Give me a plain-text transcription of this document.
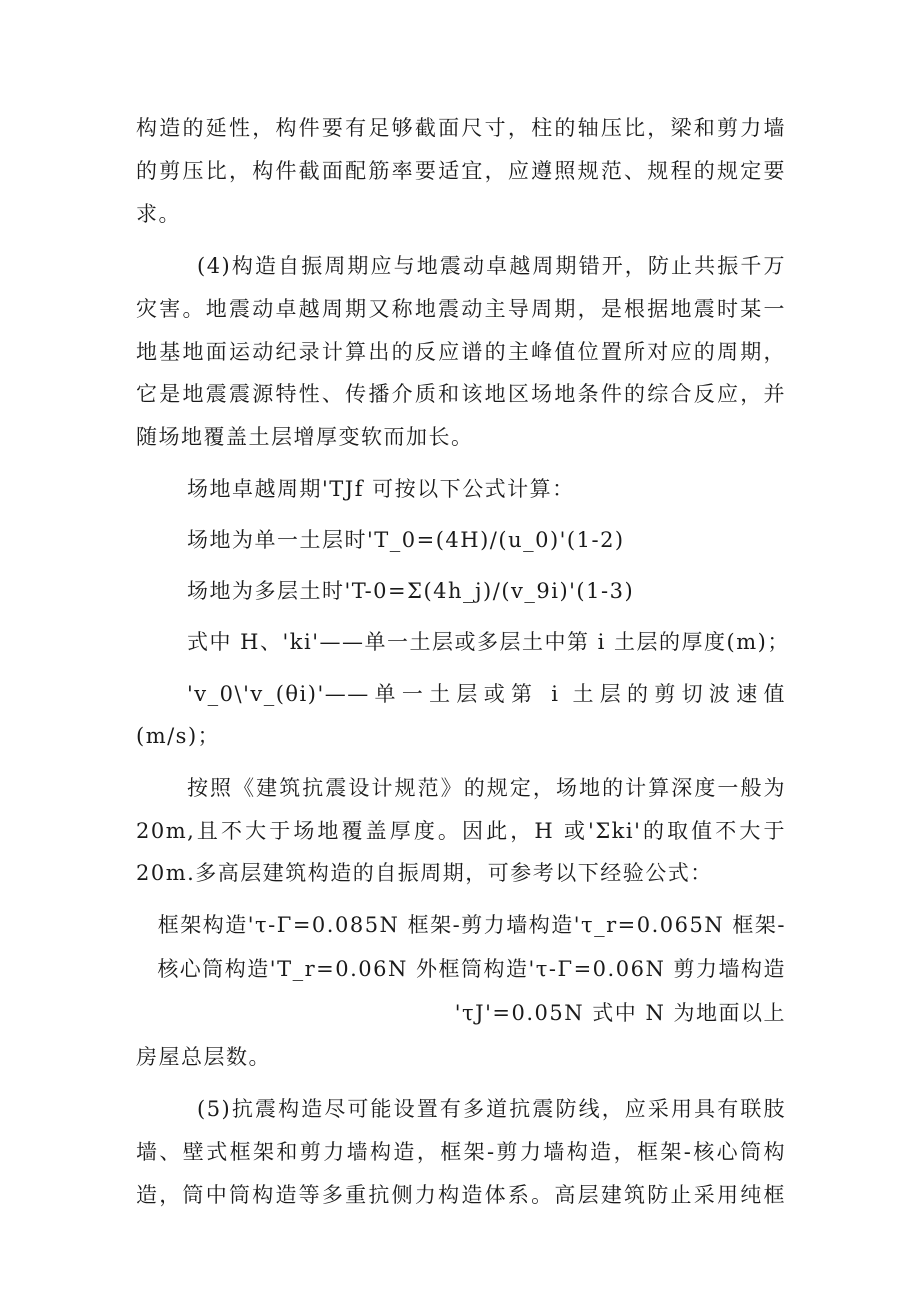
构造的延性，构件要有足够截面尺寸，柱的轴压比，梁和剪力墙
的剪压比，构件截面配筋率要适宜，应遵照规范、规程的规定要
求。
(4)构造自振周期应与地震动卓越周期错开，防止共振千万
灾害。地震动卓越周期又称地震动主导周期，是根据地震时某一
地基地面运动纪录计算出的反应谱的主峰值位置所对应的周期，
它是地震震源特性、传播介质和该地区场地条件的综合反应，并
随场地覆盖土层增厚变软而加长。
场地卓越周期'TJf 可按以下公式计算：
场地为单一土层时'T_0=(4H)/(u_0)'(1-2)
场地为多层土时'T-0=Σ(4h_j)/(v_9i)'(1-3)
式中 H、'ki'——单一土层或多层土中第 i 土层的厚度(m)；
'v_0\'v_(θi)'——单一土层或第 i 土层的剪切波速值
(m/s)；
按照《建筑抗震设计规范》的规定，场地的计算深度一般为
20m,且不大于场地覆盖厚度。因此，H 或'Σki'的取值不大于
20m.多高层建筑构造的自振周期，可参考以下经验公式：
框架构造'τ-Γ=0.085N 框架-剪力墙构造'τ_r=0.065N 框架-
核心筒构造'T_r=0.06N 外框筒构造'τ-Γ=0.06N 剪力墙构造
'τJ'=0.05N 式中 N 为地面以上
房屋总层数。
(5)抗震构造尽可能设置有多道抗震防线，应采用具有联肢
墙、壁式框架和剪力墙构造，框架-剪力墙构造，框架-核心筒构
造，筒中筒构造等多重抗侧力构造体系。高层建筑防止采用纯框
